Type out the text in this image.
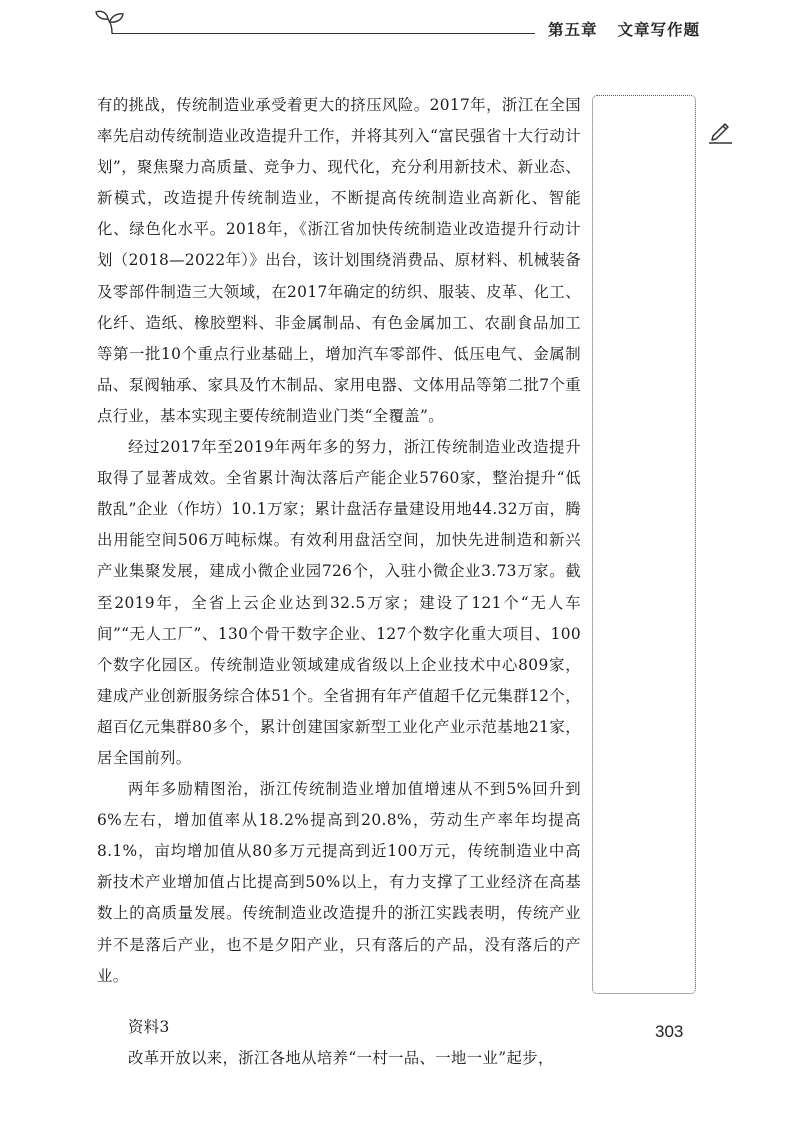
第五章 文章写作题

有的挑战，传统制造业承受着更大的挤压风险。2017年，浙江在全国率先启动传统制造业改造提升工作，并将其列入“富民强省十大行动计划”，聚焦聚力高质量、竞争力、现代化，充分利用新技术、新业态、新模式，改造提升传统制造业，不断提高传统制造业高新化、智能化、绿色化水平。2018年，《浙江省加快传统制造业改造提升行动计划（2018—2022年）》出台，该计划围绕消费品、原材料、机械装备及零部件制造三大领域，在2017年确定的纺织、服装、皮革、化工、化纤、造纸、橡胶塑料、非金属制品、有色金属加工、农副食品加工等第一批10个重点行业基础上，增加汽车零部件、低压电气、金属制品、泵阀轴承、家具及竹木制品、家用电器、文体用品等第二批7个重点行业，基本实现主要传统制造业门类“全覆盖”。

经过2017年至2019年两年多的努力，浙江传统制造业改造提升取得了显著成效。全省累计淘汰落后产能企业5760家，整治提升“低散乱”企业（作坊）10.1万家；累计盘活存量建设用地44.32万亩，腾出用能空间506万吨标煤。有效利用盘活空间，加快先进制造和新兴产业集聚发展，建成小微企业园726个，入驻小微企业3.73万家。截至2019年，全省上云企业达到32.5万家；建设了121个“无人车间”“无人工厂”、130个骨干数字企业、127个数字化重大项目、100个数字化园区。传统制造业领域建成省级以上企业技术中心809家，建成产业创新服务综合体51个。全省拥有年产值超千亿元集群12个，超百亿元集群80多个，累计创建国家新型工业化产业示范基地21家，居全国前列。

两年多励精图治，浙江传统制造业增加值增速从不到5%回升到6%左右，增加值率从18.2%提高到20.8%，劳动生产率年均提高8.1%，亩均增加值从80多万元提高到近100万元，传统制造业中高新技术产业增加值占比提高到50%以上，有力支撑了工业经济在高基数上的高质量发展。传统制造业改造提升的浙江实践表明，传统产业并不是落后产业，也不是夕阳产业，只有落后的产品，没有落后的产业。

资料3

改革开放以来，浙江各地从培养“一村一品、一地一业”起步，

303
